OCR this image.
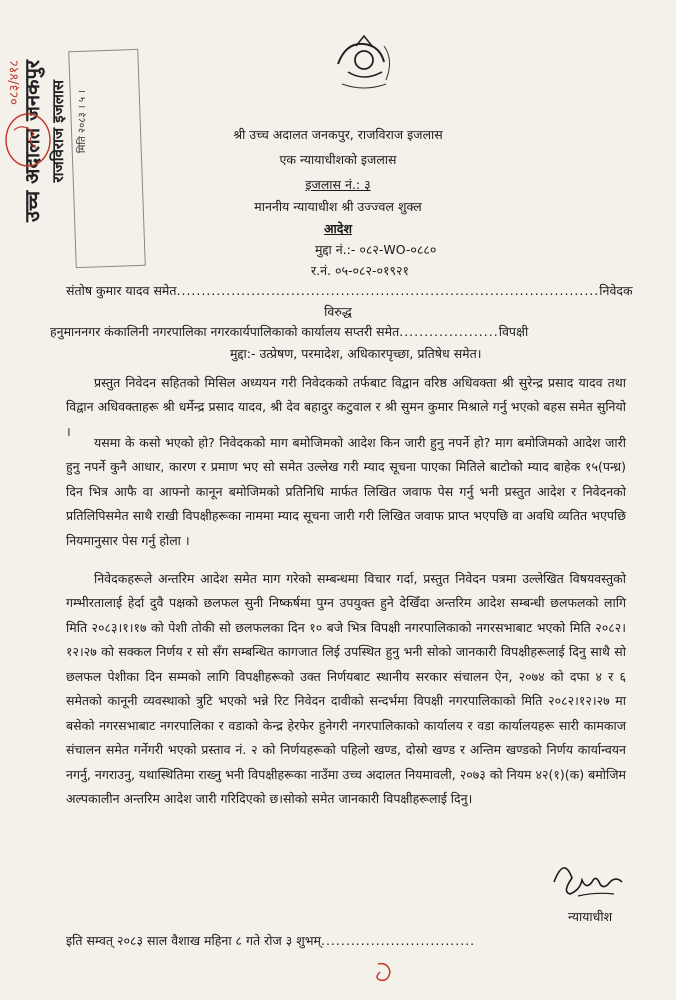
उच्च अदालत जनकपुर राजविराज इजलास
०८३/४१८
मिति २०८३ । ५ ।	श्री उच्च अदालत जनकपुर, राजविराज इजलास
एक न्यायाधीशको इजलास
इजलास नं.: ३
माननीय न्यायाधीश श्री उज्ज्वल शुक्ल
आदेश
मुद्दा नं.:- ०८२-WO-०८८०
र.नं. ०५-०८२-०१९२१
संतोष कुमार यादव समेत.....................................................................................निवेदक
विरुद्ध
हनुमाननगर कंकालिनी नगरपालिका नगरकार्यपालिकाको कार्यालय सप्तरी समेत....................विपक्षी
मुद्दा:- उत्प्रेषण, परमादेश, अधिकारपृच्छा, प्रतिषेध समेत।

प्रस्तुत निवेदन सहितको मिसिल अध्ययन गरी निवेदकको तर्फबाट विद्वान वरिष्ठ अधिवक्ता श्री सुरेन्द्र प्रसाद यादव तथा विद्वान अधिवक्ताहरू श्री धर्मेन्द्र प्रसाद यादव, श्री देव बहादुर कटुवाल र श्री सुमन कुमार मिश्राले गर्नु भएको बहस समेत सुनियो ।

यसमा के कसो भएको हो? निवेदकको माग बमोजिमको आदेश किन जारी हुनु नपर्ने हो? माग बमोजिमको आदेश जारी हुनु नपर्ने कुनै आधार, कारण र प्रमाण भए सो समेत उल्लेख गरी म्याद सूचना पाएका मितिले बाटोको म्याद बाहेक १५(पन्ध्र) दिन भित्र आफै वा आफ्नो कानून बमोजिमको प्रतिनिधि मार्फत लिखित जवाफ पेस गर्नु भनी प्रस्तुत आदेश र निवेदनको प्रतिलिपिसमेत साथै राखी विपक्षीहरूका नाममा म्याद सूचना जारी गरी लिखित जवाफ प्राप्त भएपछि वा अवधि व्यतित भएपछि नियमानुसार पेस गर्नु होला ।

निवेदकहरूले अन्तरिम आदेश समेत माग गरेको सम्बन्धमा विचार गर्दा, प्रस्तुत निवेदन पत्रमा उल्लेखित विषयवस्तुको गम्भीरतालाई हेर्दा दुवै पक्षको छलफल सुनी निष्कर्षमा पुग्न उपयुक्त हुने देखिँदा अन्तरिम आदेश सम्बन्धी छलफलको लागि मिति २०८३।१।१७ को पेशी तोकी सो छलफलका दिन १० बजे भित्र विपक्षी नगरपालिकाको नगरसभाबाट भएको मिति २०८२।१२।२७ को सक्कल निर्णय र सो सँग सम्बन्धित कागजात लिई उपस्थित हुनु भनी सोको जानकारी विपक्षीहरूलाई दिनु साथै सो छलफल पेशीका दिन सम्मको लागि विपक्षीहरूको उक्त निर्णयबाट स्थानीय सरकार संचालन ऐन, २०७४ को दफा ४ र ६ समेतको कानूनी व्यवस्थाको त्रुटि भएको भन्ने रिट निवेदन दावीको सन्दर्भमा विपक्षी नगरपालिकाको मिति २०८२।१२।२७ मा बसेको नगरसभाबाट नगरपालिका र वडाको केन्द्र हेरफेर हुनेगरी नगरपालिकाको कार्यालय र वडा कार्यालयहरू सारी कामकाज संचालन समेत गर्नेगरी भएको प्रस्ताव नं. २ को निर्णयहरूको पहिलो खण्ड, दोस्रो खण्ड र अन्तिम खण्डको निर्णय कार्यान्वयन नगर्नु, नगराउनु, यथास्थितिमा राख्नु भनी विपक्षीहरूका नाउँमा उच्च अदालत नियमावली, २०७३ को नियम ४२(१)(क) बमोजिम अल्पकालीन अन्तरिम आदेश जारी गरिदिएको छ।सोको समेत जानकारी विपक्षीहरूलाई दिनु।

न्यायाधीश
इति सम्वत् २०८३ साल वैशाख महिना ८ गते रोज ३ शुभम्...............................
